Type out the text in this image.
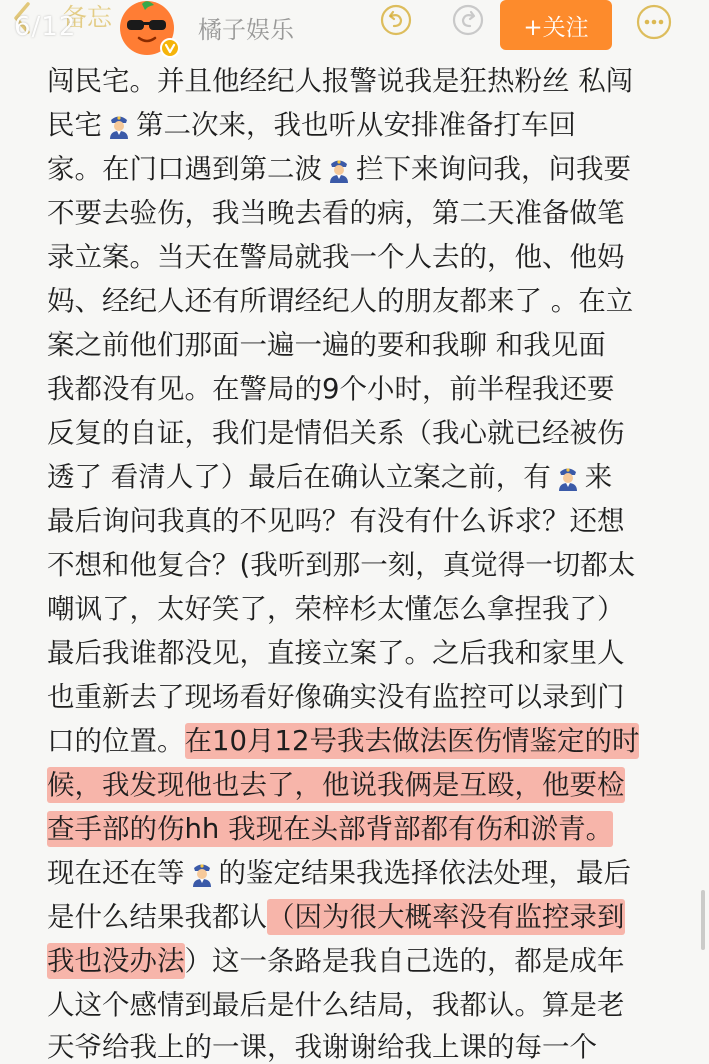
闯民宅。并且他经纪人报警说我是狂热粉丝 私闯
民宅 第二次来，我也听从安排准备打车回
家。在门口遇到第二波 拦下来询问我，问我要
不要去验伤，我当晚去看的病，第二天准备做笔
录立案。当天在警局就我一个人去的，他、他妈
妈、经纪人还有所谓经纪人的朋友都来了 。在立
案之前他们那面一遍一遍的要和我聊 和我见面
我都没有见。在警局的9个小时，前半程我还要
反复的自证，我们是情侣关系（我心就已经被伤
透了 看清人了）最后在确认立案之前，有 来
最后询问我真的不见吗？有没有什么诉求？还想
不想和他复合？(我听到那一刻，真觉得一切都太
嘲讽了，太好笑了，荣梓杉太懂怎么拿捏我了）
最后我谁都没见，直接立案了。之后我和家里人
也重新去了现场看好像确实没有监控可以录到门
口的位置。在10月12号我去做法医伤情鉴定的时
候，我发现他也去了，他说我俩是互殴，他要检
查手部的伤hh 我现在头部背部都有伤和淤青。
现在还在等 的鉴定结果我选择依法处理，最后
是什么结果我都认（因为很大概率没有监控录到
我也没办法）这一条路是我自己选的，都是成年
人这个感情到最后是什么结局，我都认。算是老
天爷给我上的一课，我谢谢给我上课的每一个
备忘
6/12	橘子娱乐	+关注
